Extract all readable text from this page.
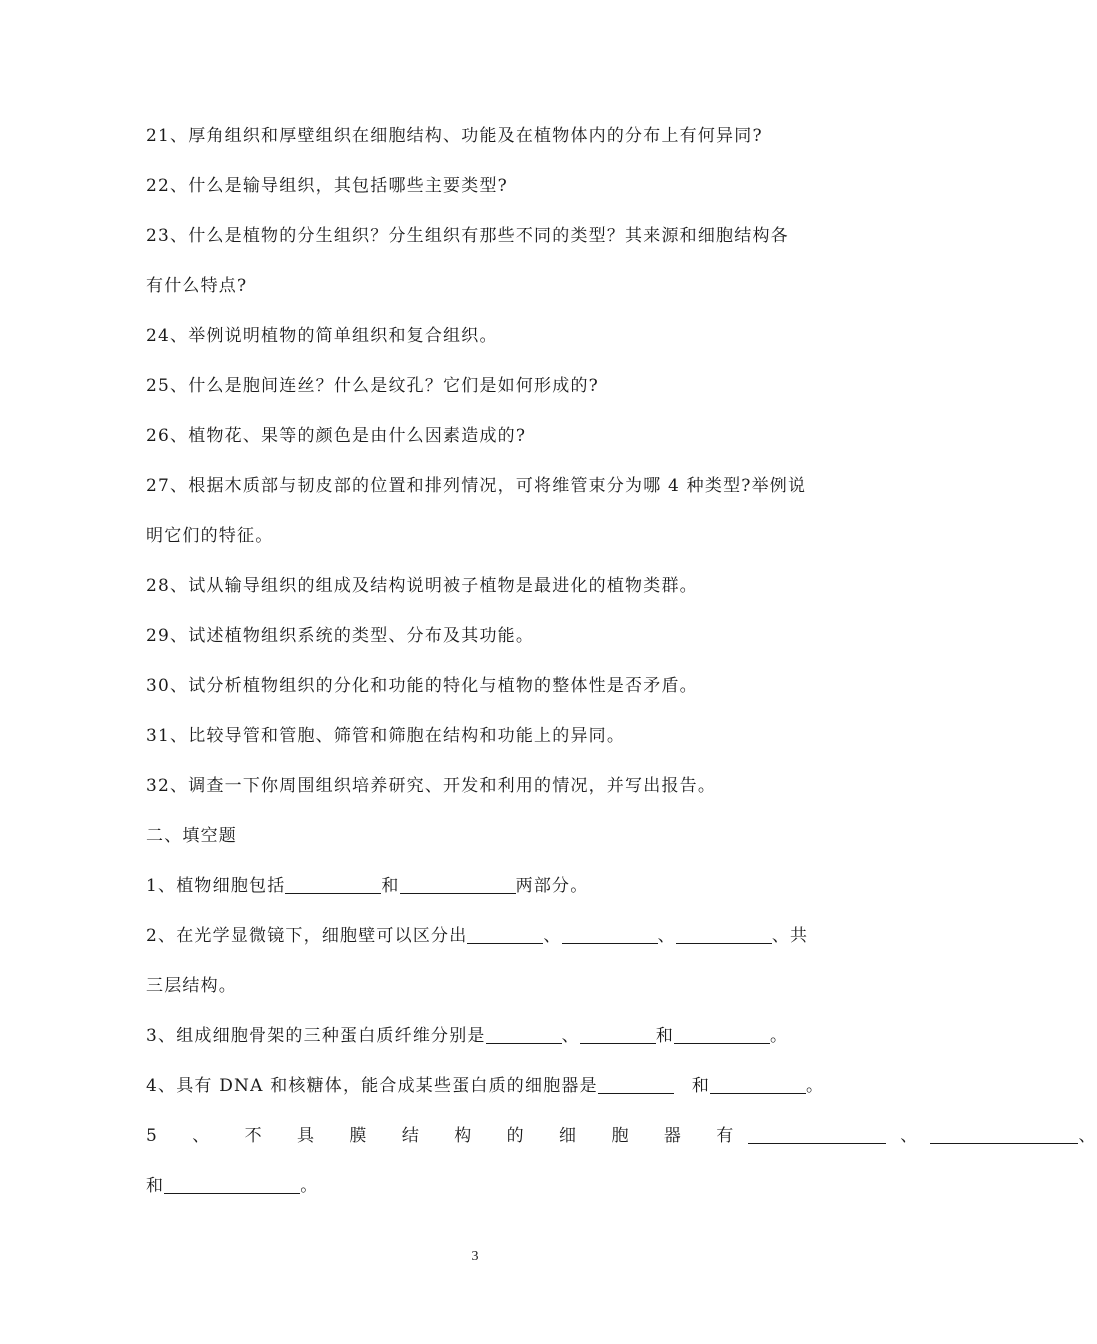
21、厚角组织和厚壁组织在细胞结构、功能及在植物体内的分布上有何异同?
22、什么是输导组织，其包括哪些主要类型?
23、什么是植物的分生组织？分生组织有那些不同的类型？其来源和细胞结构各
有什么特点?
24、举例说明植物的简单组织和复合组织。
25、什么是胞间连丝？什么是纹孔？它们是如何形成的?
26、植物花、果等的颜色是由什么因素造成的?
27、根据木质部与韧皮部的位置和排列情况，可将维管束分为哪 4 种类型?举例说
明它们的特征。
28、试从输导组织的组成及结构说明被子植物是最进化的植物类群。
29、试述植物组织系统的类型、分布及其功能。
30、试分析植物组织的分化和功能的特化与植物的整体性是否矛盾。
31、比较导管和管胞、筛管和筛胞在结构和功能上的异同。
32、调查一下你周围组织培养研究、开发和利用的情况，并写出报告。
二、填空题
1、植物细胞包括	和	两部分。
2、在光学显微镜下，细胞壁可以区分出	、	、	、共
三层结构。
3、组成细胞骨架的三种蛋白质纤维分别是	、	和	。
4、具有 DNA 和核糖体，能合成某些蛋白质的细胞器是	和	。
5 、 不 具 膜 结 构 的 细 胞 器 有	、	、
和	。
3
